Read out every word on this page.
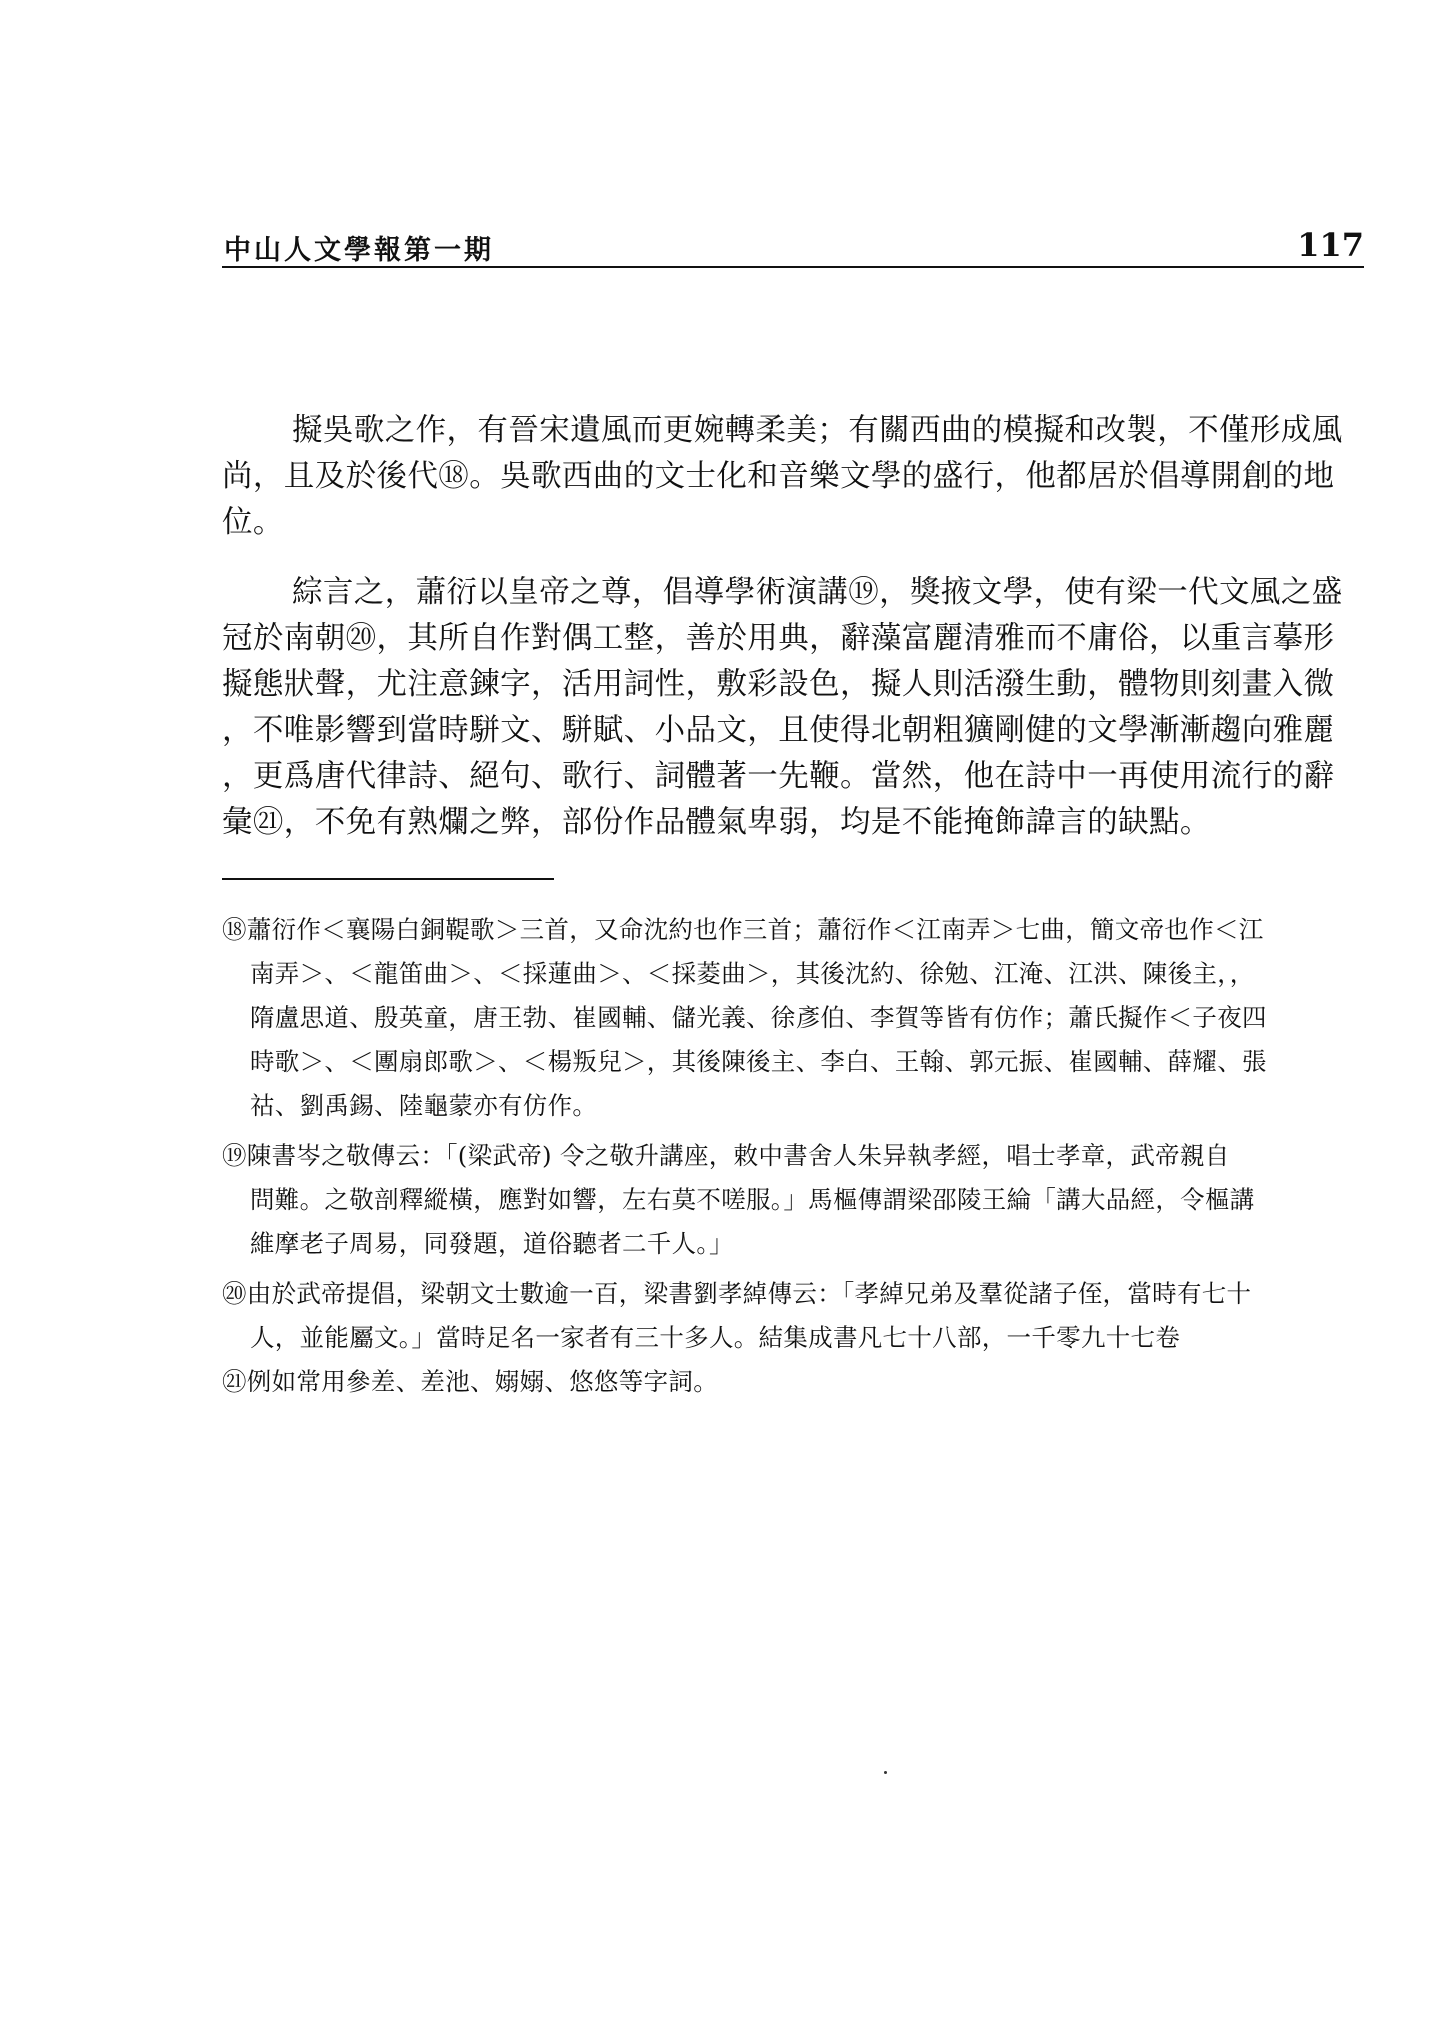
中山人文學報第一期	117
擬吳歌之作，有晉宋遺風而更婉轉柔美；有關西曲的模擬和改製，不僅形成風
尚，且及於後代⑱。吳歌西曲的文士化和音樂文學的盛行，他都居於倡導開創的地
位。
綜言之，蕭衍以皇帝之尊，倡導學術演講⑲，獎掖文學，使有梁一代文風之盛
冠於南朝⑳，其所自作對偶工整，善於用典，辭藻富麗清雅而不庸俗，以重言摹形
擬態狀聲，尤注意鍊字，活用詞性，敷彩設色，擬人則活潑生動，體物則刻畫入微
，不唯影響到當時駢文、駢賦、小品文，且使得北朝粗獷剛健的文學漸漸趨向雅麗
，更爲唐代律詩、絕句、歌行、詞體著一先鞭。當然，他在詩中一再使用流行的辭
彙㉑，不免有熟爛之弊，部份作品體氣卑弱，均是不能掩飾諱言的缺點。
⑱蕭衍作＜襄陽白銅鞮歌＞三首，又命沈約也作三首；蕭衍作＜江南弄＞七曲，簡文帝也作＜江
南弄＞、＜龍笛曲＞、＜採蓮曲＞、＜採菱曲＞，其後沈約、徐勉、江淹、江洪、陳後主，，
隋盧思道、殷英童，唐王勃、崔國輔、儲光義、徐彥伯、李賀等皆有仿作；蕭氏擬作＜子夜四
時歌＞、＜團扇郎歌＞、＜楊叛兒＞，其後陳後主、李白、王翰、郭元振、崔國輔、薛耀、張
祜、劉禹錫、陸龜蒙亦有仿作。
⑲陳書岑之敬傳云：「(梁武帝) 令之敬升講座，敕中書舍人朱异執孝經，唱士孝章，武帝親自
問難。之敬剖釋縱橫，應對如響，左右莫不嗟服。」馬樞傳謂梁邵陵王綸「講大品經，令樞講
維摩老子周易，同發題，道俗聽者二千人。」
⑳由於武帝提倡，梁朝文士數逾一百，梁書劉孝綽傳云：「孝綽兄弟及羣從諸子侄，當時有七十
人，並能屬文。」當時足名一家者有三十多人。結集成書凡七十八部，一千零九十七卷
㉑例如常用參差、差池、嫋嫋、悠悠等字詞。
